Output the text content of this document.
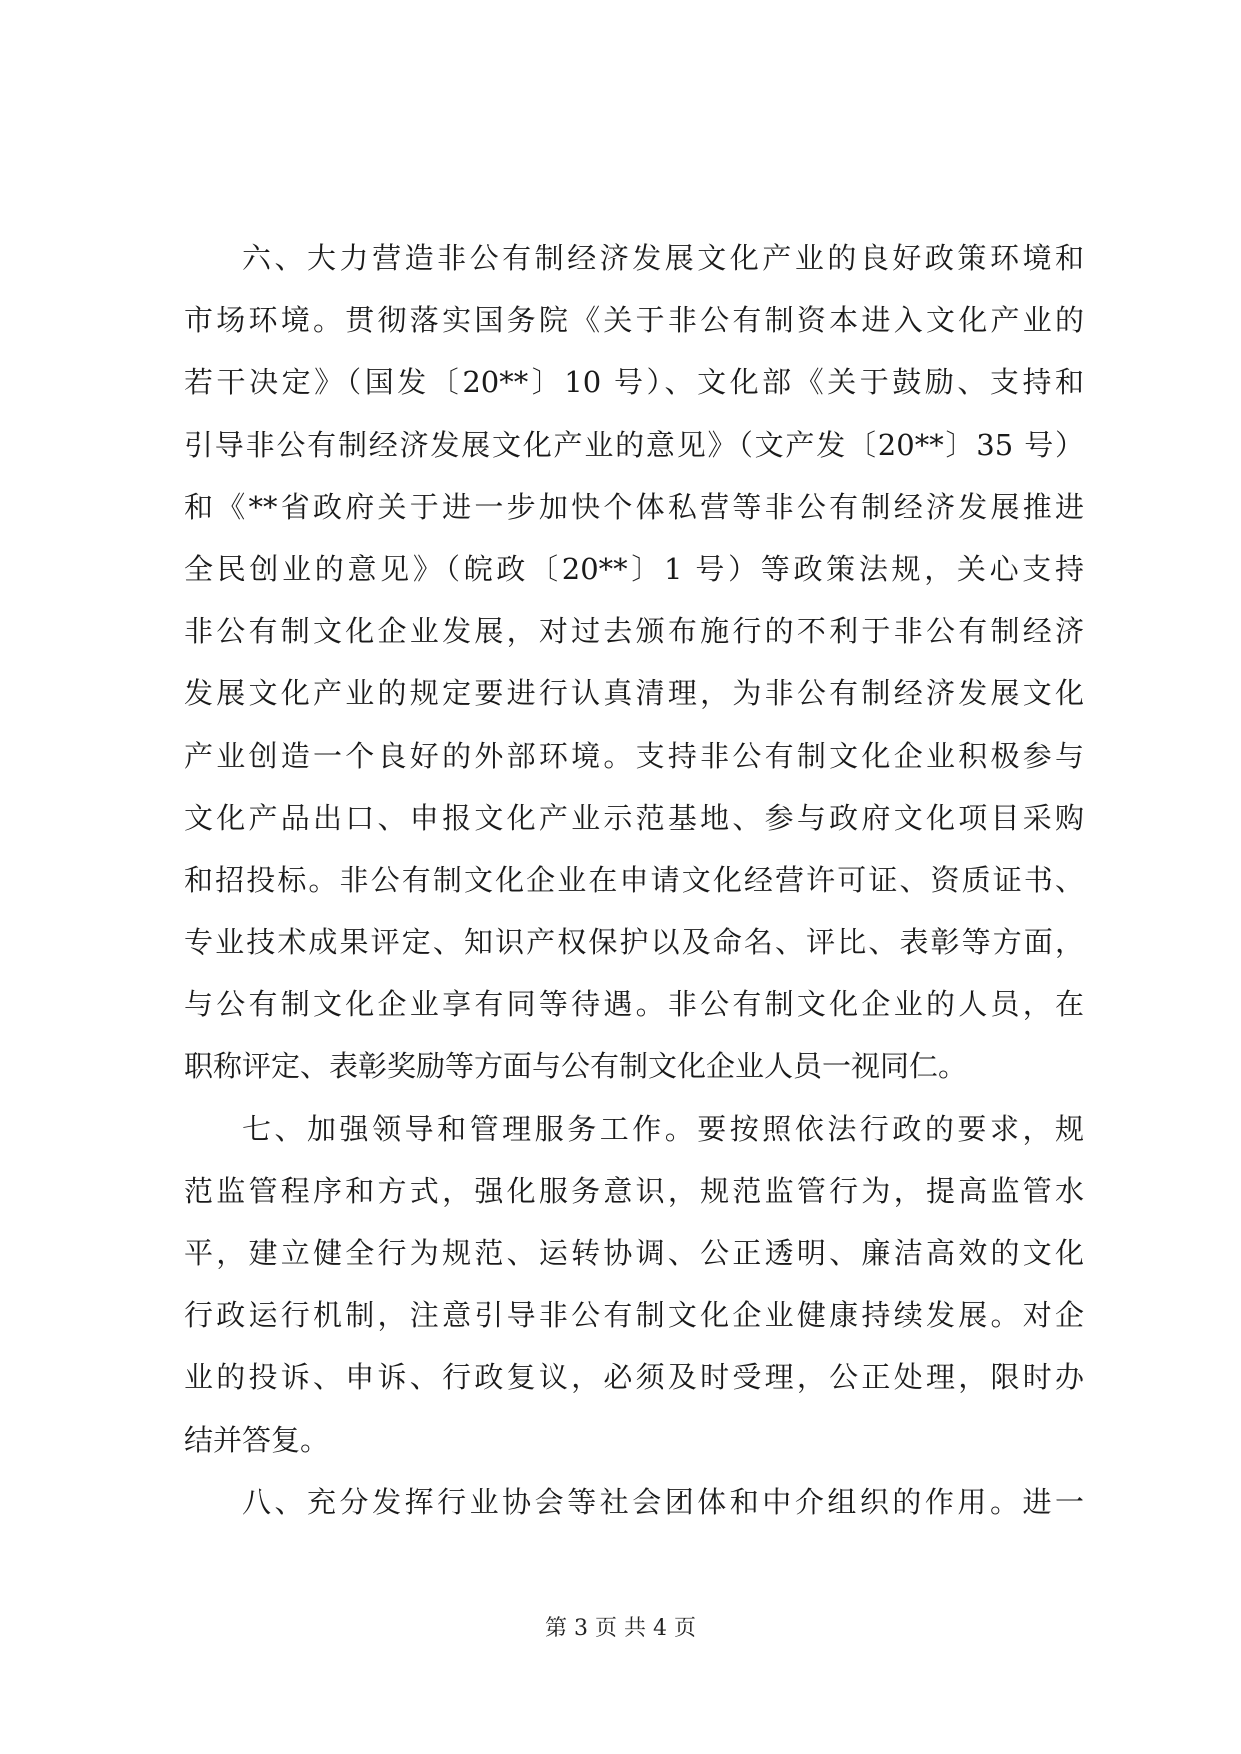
六、大力营造非公有制经济发展文化产业的良好政策环境和
市场环境。贯彻落实国务院《关于非公有制资本进入文化产业的
若干决定》（国发〔20**〕10 号）、文化部《关于鼓励、支持和
引导非公有制经济发展文化产业的意见》（文产发〔20**〕35 号）
和《**省政府关于进一步加快个体私营等非公有制经济发展推进
全民创业的意见》（皖政〔20**〕1 号）等政策法规，关心支持
非公有制文化企业发展，对过去颁布施行的不利于非公有制经济
发展文化产业的规定要进行认真清理，为非公有制经济发展文化
产业创造一个良好的外部环境。支持非公有制文化企业积极参与
文化产品出口、申报文化产业示范基地、参与政府文化项目采购
和招投标。非公有制文化企业在申请文化经营许可证、资质证书、
专业技术成果评定、知识产权保护以及命名、评比、表彰等方面，
与公有制文化企业享有同等待遇。非公有制文化企业的人员，在
职称评定、表彰奖励等方面与公有制文化企业人员一视同仁。
七、加强领导和管理服务工作。要按照依法行政的要求，规
范监管程序和方式，强化服务意识，规范监管行为，提高监管水
平，建立健全行为规范、运转协调、公正透明、廉洁高效的文化
行政运行机制，注意引导非公有制文化企业健康持续发展。对企
业的投诉、申诉、行政复议，必须及时受理，公正处理，限时办
结并答复。
八、充分发挥行业协会等社会团体和中介组织的作用。进一
第 3 页 共 4 页
